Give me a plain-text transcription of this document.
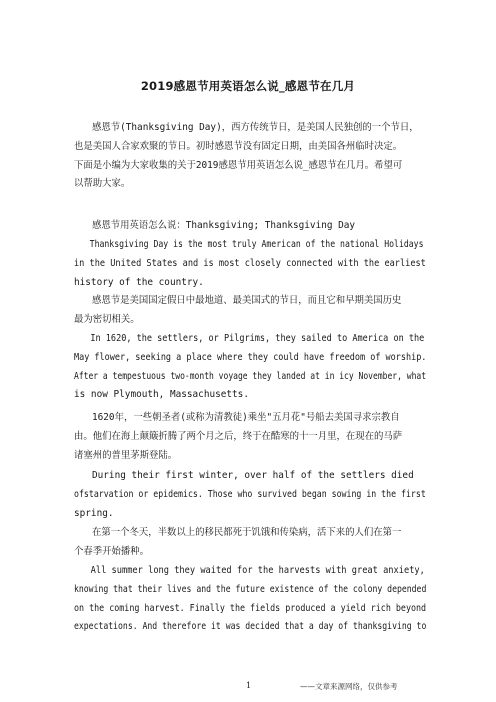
2019感恩节用英语怎么说_感恩节在几月
感恩节(Thanksgiving Day)，西方传统节日，是美国人民独创的一个节日，
也是美国人合家欢聚的节日。初时感恩节没有固定日期，由美国各州临时决定。
下面是小编为大家收集的关于2019感恩节用英语怎么说_感恩节在几月。希望可
以帮助大家。
感恩节用英语怎么说：Thanksgiving; Thanksgiving Day
Thanksgiving Day is the most truly American of the national Holidays
in the United States and is most closely connected with the earliest
history of the country.
感恩节是美国国定假日中最地道、最美国式的节日，而且它和早期美国历史
最为密切相关。
In 1620, the settlers, or Pilgrims, they sailed to America on the
May flower, seeking a place where they could have freedom of worship.
After a tempestuous two-month voyage they landed at in icy November, what
is now Plymouth, Massachusetts.
1620年，一些朝圣者(或称为清教徒)乘坐"五月花"号船去美国寻求宗教自
由。他们在海上颠簸折腾了两个月之后，终于在酷寒的十一月里，在现在的马萨
诸塞州的普里茅斯登陆。
During their first winter, over half of the settlers died
ofstarvation or epidemics. Those who survived began sowing in the first
spring.
在第一个冬天，半数以上的移民都死于饥饿和传染病，活下来的人们在第一
个春季开始播种。
All summer long they waited for the harvests with great anxiety,
knowing that their lives and the future existence of the colony depended
on the coming harvest. Finally the fields produced a yield rich beyond
expectations. And therefore it was decided that a day of thanksgiving to
1	——文章来源网络，仅供参考
